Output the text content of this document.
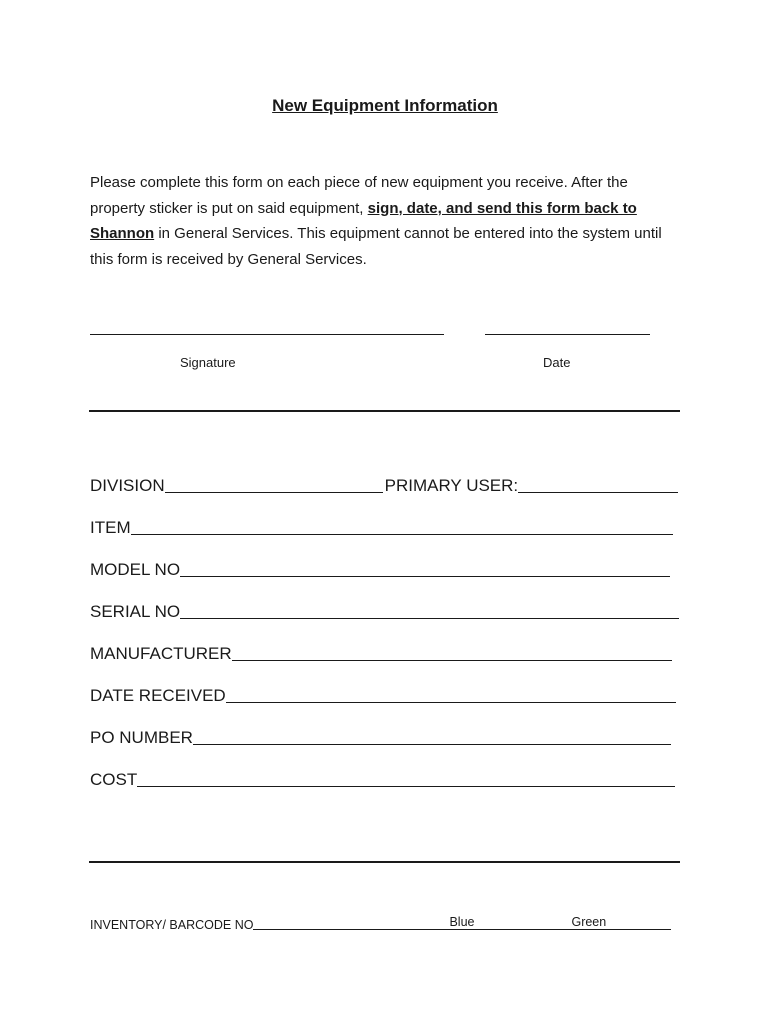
New Equipment Information
Please complete this form on each piece of new equipment you receive. After the property sticker is put on said equipment, sign, date, and send this form back to Shannon in General Services. This equipment cannot be entered into the system until this form is received by General Services.
Signature	Date
DIVISION	PRIMARY USER:
ITEM
MODEL NO
SERIAL NO
MANUFACTURER
DATE RECEIVED
PO NUMBER
COST
INVENTORY/ BARCODE NO	Blue	Green
